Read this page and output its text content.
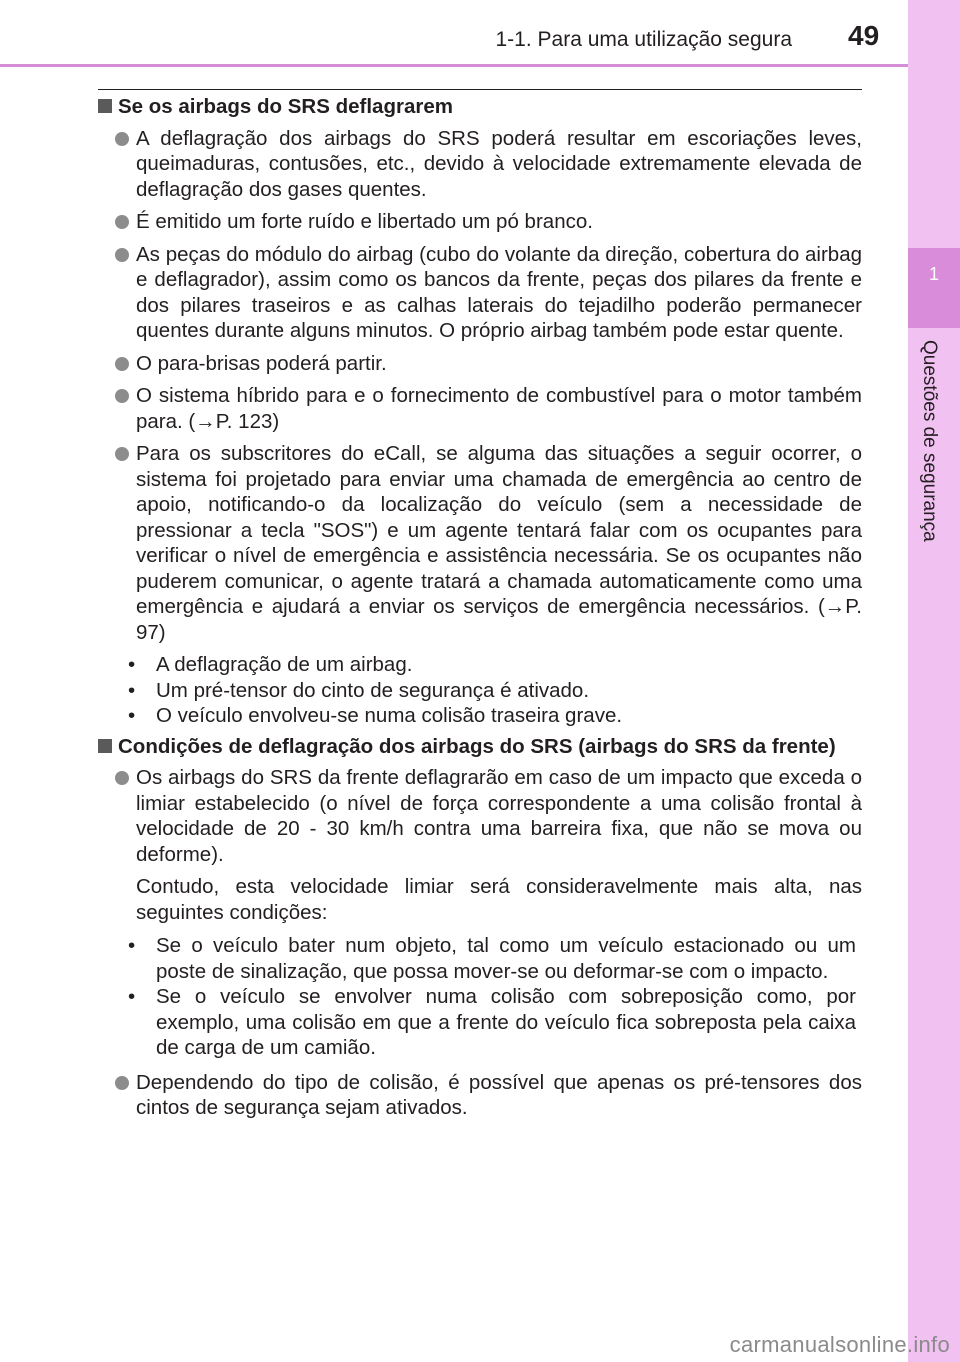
1-1. Para uma utilização segura 49
1
Questões de segurança
Se os airbags do SRS deflagrarem
A deflagração dos airbags do SRS poderá resultar em escoriações leves, queimaduras, contusões, etc., devido à velocidade extremamente elevada de deflagração dos gases quentes.
É emitido um forte ruído e libertado um pó branco.
As peças do módulo do airbag (cubo do volante da direção, cobertura do airbag e deflagrador), assim como os bancos da frente, peças dos pilares da frente e dos pilares traseiros e as calhas laterais do tejadilho poderão permanecer quentes durante alguns minutos. O próprio airbag também pode estar quente.
O para-brisas poderá partir.
O sistema híbrido para e o fornecimento de combustível para o motor também para. (→P. 123)
Para os subscritores do eCall, se alguma das situações a seguir ocorrer, o sistema foi projetado para enviar uma chamada de emergência ao centro de apoio, notificando-o da localização do veículo (sem a necessidade de pressionar a tecla "SOS") e um agente tentará falar com os ocupantes para verificar o nível de emergência e assistência necessária. Se os ocupantes não puderem comunicar, o agente tratará a chamada automaticamente como uma emergência e ajudará a enviar os serviços de emergência necessários. (→P. 97)
• A deflagração de um airbag.
• Um pré-tensor do cinto de segurança é ativado.
• O veículo envolveu-se numa colisão traseira grave.
Condições de deflagração dos airbags do SRS (airbags do SRS da frente)
Os airbags do SRS da frente deflagrarão em caso de um impacto que exceda o limiar estabelecido (o nível de força correspondente a uma colisão frontal à velocidade de 20 - 30 km/h contra uma barreira fixa, que não se mova ou deforme).
Contudo, esta velocidade limiar será consideravelmente mais alta, nas seguintes condições:
• Se o veículo bater num objeto, tal como um veículo estacionado ou um poste de sinalização, que possa mover-se ou deformar-se com o impacto.
• Se o veículo se envolver numa colisão com sobreposição como, por exemplo, uma colisão em que a frente do veículo fica sobreposta pela caixa de carga de um camião.
Dependendo do tipo de colisão, é possível que apenas os pré-tensores dos cintos de segurança sejam ativados.
carmanualsonline.info
